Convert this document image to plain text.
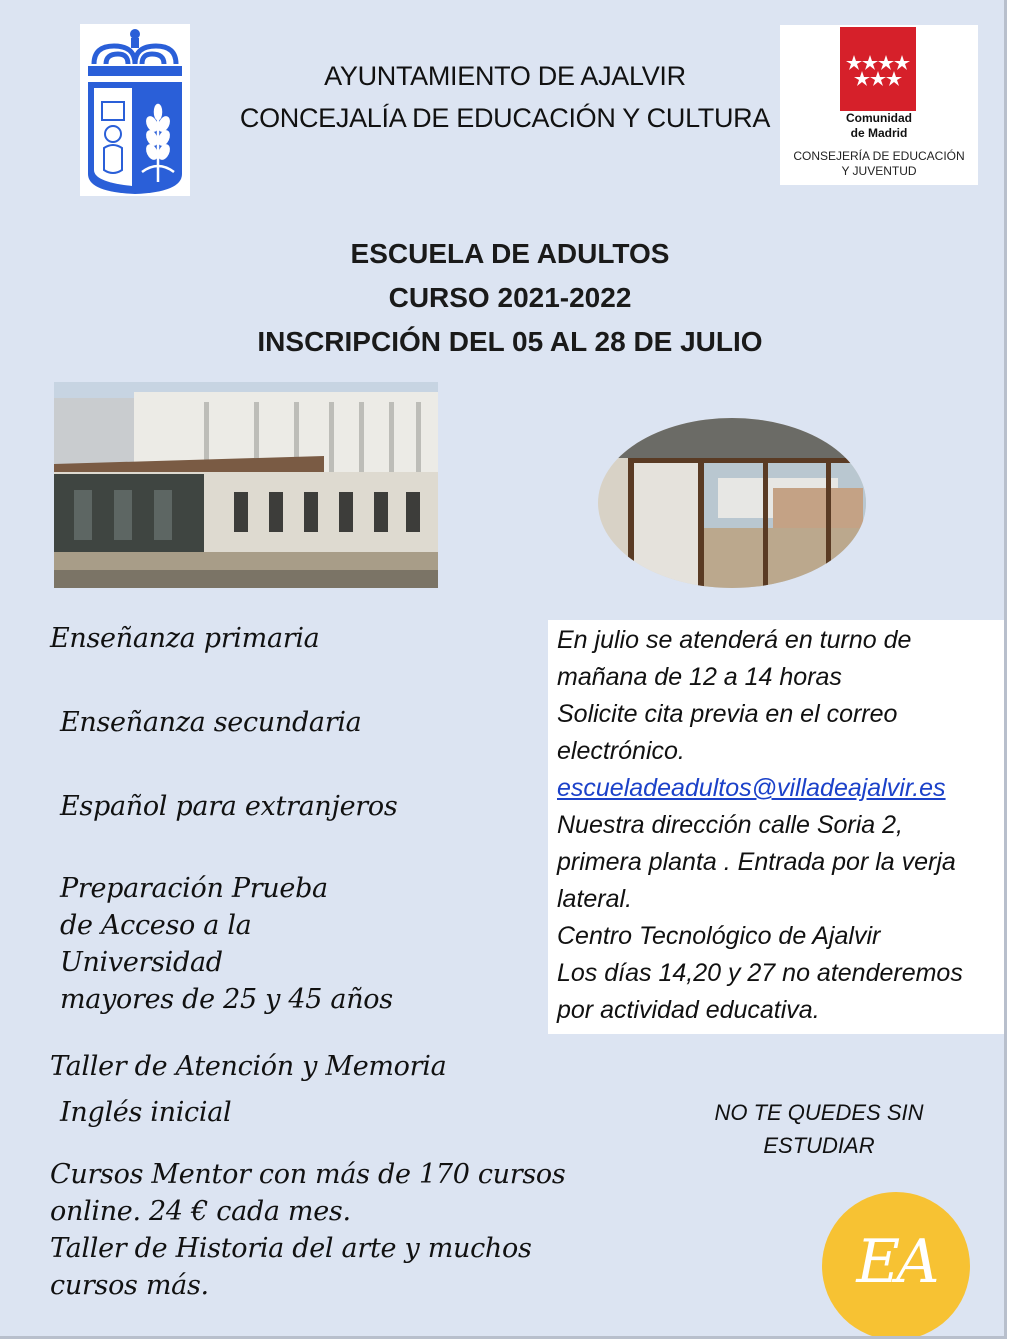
AYUNTAMIENTO DE AJALVIR
CONCEJALÍA DE EDUCACIÓN Y CULTURA	Comunidad
de Madrid
CONSEJERÍA DE EDUCACIÓN
Y JUVENTUD
ESCUELA DE ADULTOS
CURSO 2021-2022
INSCRIPCIÓN DEL 05 AL 28 DE JULIO
Enseñanza primaria
Enseñanza secundaria
Español para extranjeros
Preparación Prueba
de Acceso a la
Universidad
mayores de 25 y 45 años
Taller de Atención y Memoria
Inglés inicial
Cursos Mentor con más de 170 cursos
online. 24 € cada mes.
Taller de Historia del arte y muchos
cursos más.
En julio se atenderá en turno de
mañana de 12 a 14 horas
Solicite cita previa en el correo
electrónico.
escueladeadultos@villadeajalvir.es
Nuestra dirección calle Soria 2,
primera planta . Entrada por la verja
lateral.
Centro Tecnológico de Ajalvir
Los días 14,20 y 27 no atenderemos
por actividad educativa.
NO TE QUEDES SIN
ESTUDIAR
EA
